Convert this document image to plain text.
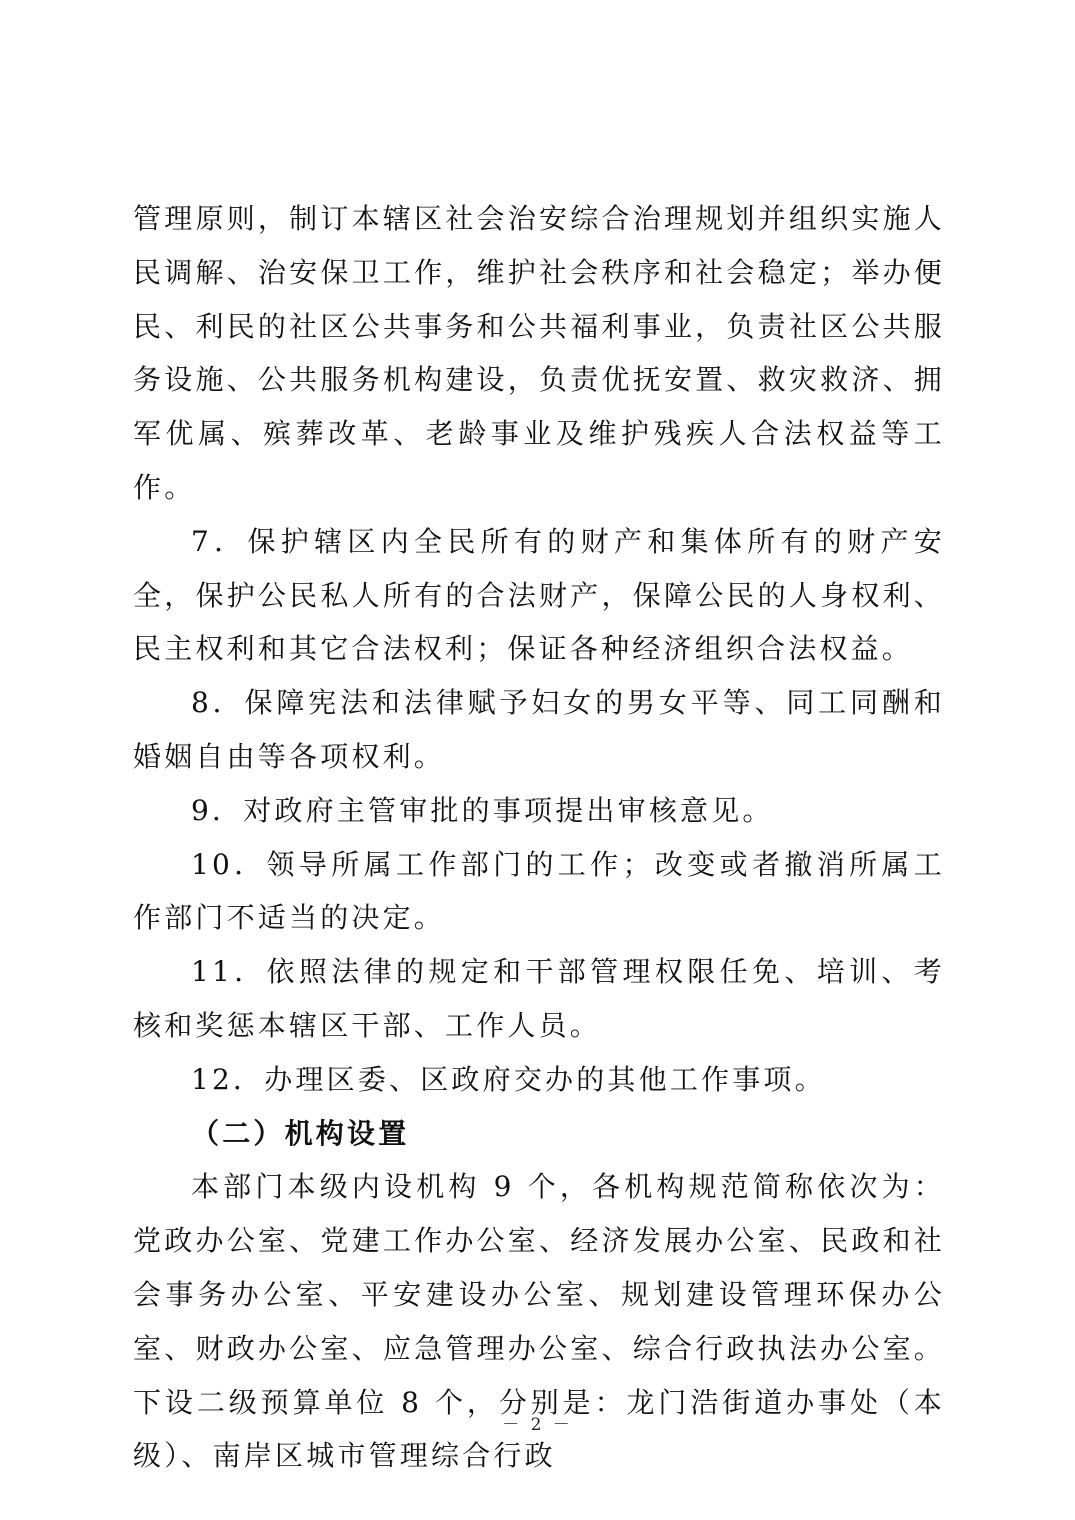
管理原则，制订本辖区社会治安综合治理规划并组织实施人民调解、治安保卫工作，维护社会秩序和社会稳定；举办便民、利民的社区公共事务和公共福利事业，负责社区公共服务设施、公共服务机构建设，负责优抚安置、救灾救济、拥军优属、殡葬改革、老龄事业及维护残疾人合法权益等工作。

7．保护辖区内全民所有的财产和集体所有的财产安全，保护公民私人所有的合法财产，保障公民的人身权利、民主权利和其它合法权利；保证各种经济组织合法权益。

8．保障宪法和法律赋予妇女的男女平等、同工同酬和婚姻自由等各项权利。

9．对政府主管审批的事项提出审核意见。

10．领导所属工作部门的工作；改变或者撤消所属工作部门不适当的决定。

11．依照法律的规定和干部管理权限任免、培训、考核和奖惩本辖区干部、工作人员。

12．办理区委、区政府交办的其他工作事项。

（二）机构设置

本部门本级内设机构 9 个，各机构规范简称依次为：党政办公室、党建工作办公室、经济发展办公室、民政和社会事务办公室、平安建设办公室、规划建设管理环保办公室、财政办公室、应急管理办公室、综合行政执法办公室。下设二级预算单位 8 个，分别是：龙门浩街道办事处（本级）、南岸区城市管理综合行政

－ 2 －
